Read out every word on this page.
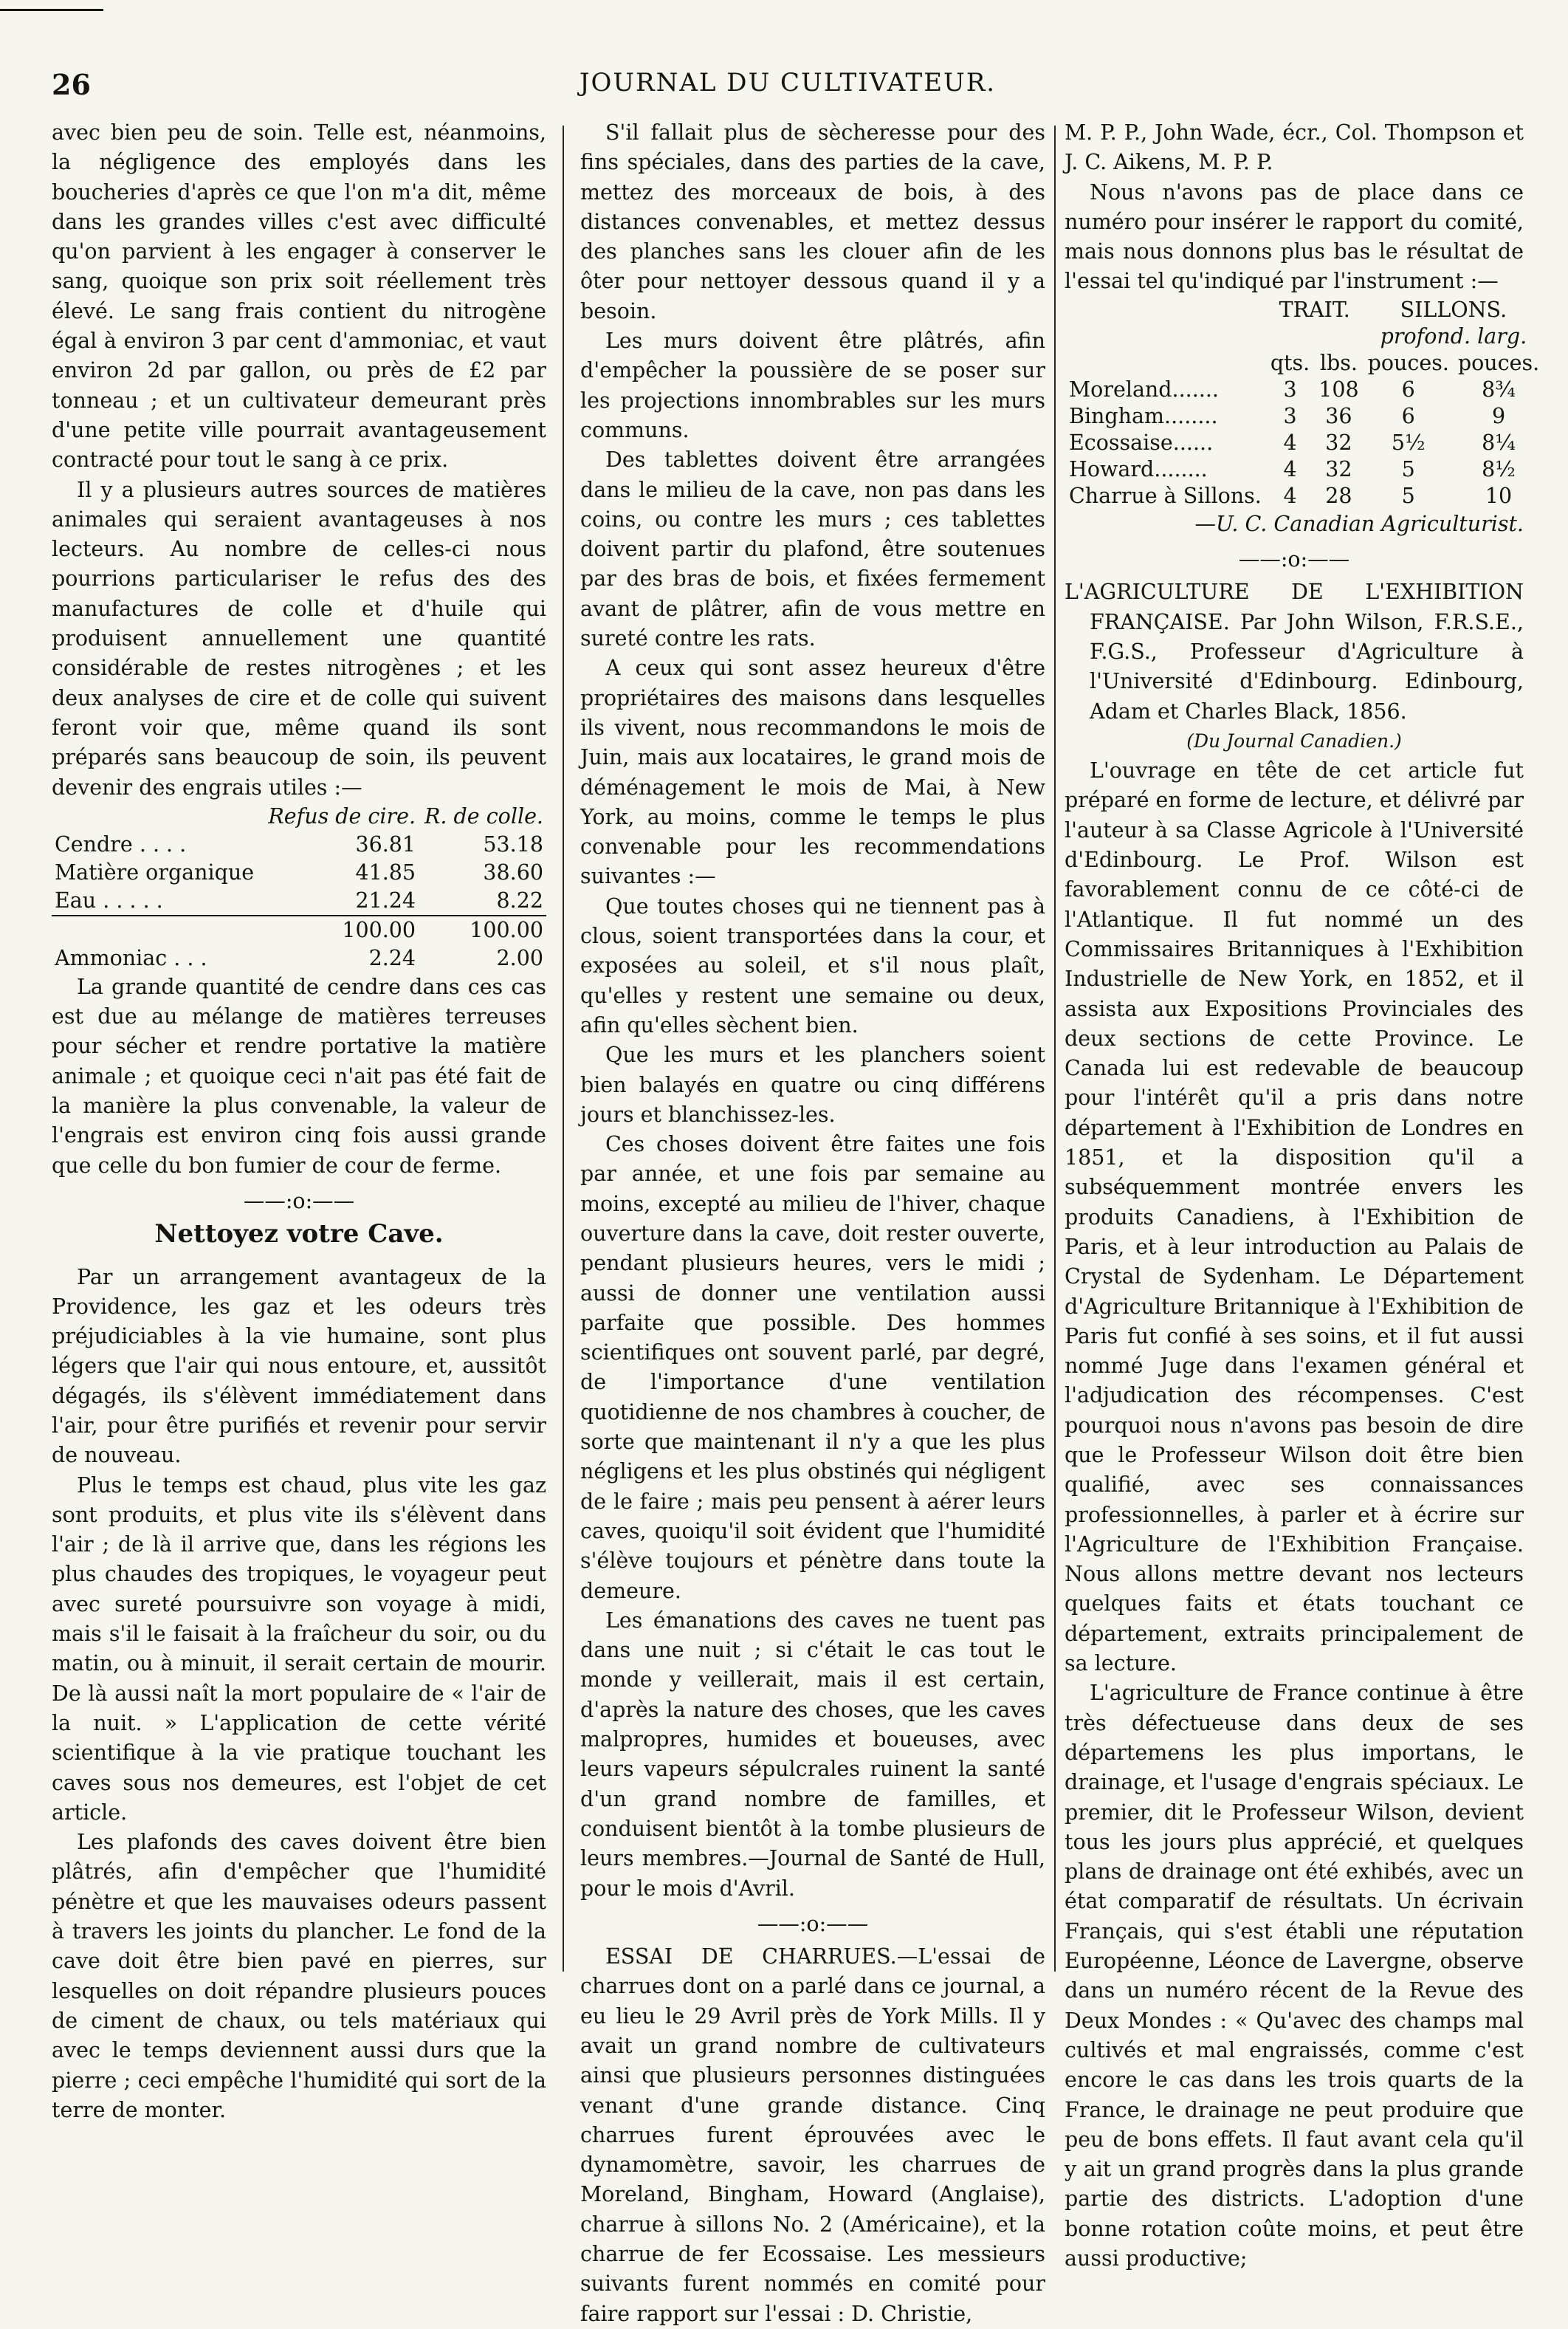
26	JOURNAL DU CULTIVATEUR.

avec bien peu de soin. Telle est, néanmoins, la négligence des employés dans les boucheries d'après ce que l'on m'a dit, même dans les grandes villes c'est avec difficulté qu'on parvient à les engager à conserver le sang, quoique son prix soit réellement très élevé. Le sang frais contient du nitrogène égal à environ 3 par cent d'ammoniac, et vaut environ 2d par gallon, ou près de £2 par tonneau ; et un cultivateur demeurant près d'une petite ville pourrait avantageusement contracté pour tout le sang à ce prix.

Il y a plusieurs autres sources de matières animales qui seraient avantageuses à nos lecteurs. Au nombre de celles-ci nous pourrions particulariser le refus des des manufactures de colle et d'huile qui produisent annuellement une quantité considérable de restes nitrogènes ; et les deux analyses de cire et de colle qui suivent feront voir que, même quand ils sont préparés sans beaucoup de soin, ils peuvent devenir des engrais utiles :—

	Refus de cire.	R. de colle.
Cendre . . . .	36.81	53.18
Matière organique	41.85	38.60
Eau . . . . .	21.24	8.22
	100.00	100.00
Ammoniac . . .	2.24	2.00

La grande quantité de cendre dans ces cas est due au mélange de matières terreuses pour sécher et rendre portative la matière animale ; et quoique ceci n'ait pas été fait de la manière la plus convenable, la valeur de l'engrais est environ cinq fois aussi grande que celle du bon fumier de cour de ferme.

——:o:——
Nettoyez votre Cave.

Par un arrangement avantageux de la Providence, les gaz et les odeurs très préjudiciables à la vie humaine, sont plus légers que l'air qui nous entoure, et, aussitôt dégagés, ils s'élèvent immédiatement dans l'air, pour être purifiés et revenir pour servir de nouveau.

Plus le temps est chaud, plus vite les gaz sont produits, et plus vite ils s'élèvent dans l'air ; de là il arrive que, dans les régions les plus chaudes des tropiques, le voyageur peut avec sureté poursuivre son voyage à midi, mais s'il le faisait à la fraîcheur du soir, ou du matin, ou à minuit, il serait certain de mourir. De là aussi naît la mort populaire de « l'air de la nuit. » L'application de cette vérité scientifique à la vie pratique touchant les caves sous nos demeures, est l'objet de cet article.

Les plafonds des caves doivent être bien plâtrés, afin d'empêcher que l'humidité pénètre et que les mauvaises odeurs passent à travers les joints du plancher. Le fond de la cave doit être bien pavé en pierres, sur lesquelles on doit répandre plusieurs pouces de ciment de chaux, ou tels matériaux qui avec le temps deviennent aussi durs que la pierre ; ceci empêche l'humidité qui sort de la terre de monter.

S'il fallait plus de sècheresse pour des fins spéciales, dans des parties de la cave, mettez des morceaux de bois, à des distances convenables, et mettez dessus des planches sans les clouer afin de les ôter pour nettoyer dessous quand il y a besoin.

Les murs doivent être plâtrés, afin d'empêcher la poussière de se poser sur les projections innombrables sur les murs communs.

Des tablettes doivent être arrangées dans le milieu de la cave, non pas dans les coins, ou contre les murs ; ces tablettes doivent partir du plafond, être soutenues par des bras de bois, et fixées fermement avant de plâtrer, afin de vous mettre en sureté contre les rats.

A ceux qui sont assez heureux d'être propriétaires des maisons dans lesquelles ils vivent, nous recommandons le mois de Juin, mais aux locataires, le grand mois de déménagement le mois de Mai, à New York, au moins, comme le temps le plus convenable pour les recommendations suivantes :—

Que toutes choses qui ne tiennent pas à clous, soient transportées dans la cour, et exposées au soleil, et s'il nous plaît, qu'elles y restent une semaine ou deux, afin qu'elles sèchent bien.

Que les murs et les planchers soient bien balayés en quatre ou cinq différens jours et blanchissez-les.

Ces choses doivent être faites une fois par année, et une fois par semaine au moins, excepté au milieu de l'hiver, chaque ouverture dans la cave, doit rester ouverte, pendant plusieurs heures, vers le midi ; aussi de donner une ventilation aussi parfaite que possible. Des hommes scientifiques ont souvent parlé, par degré, de l'importance d'une ventilation quotidienne de nos chambres à coucher, de sorte que maintenant il n'y a que les plus négligens et les plus obstinés qui négligent de le faire ; mais peu pensent à aérer leurs caves, quoiqu'il soit évident que l'humidité s'élève toujours et pénètre dans toute la demeure.

Les émanations des caves ne tuent pas dans une nuit ; si c'était le cas tout le monde y veillerait, mais il est certain, d'après la nature des choses, que les caves malpropres, humides et boueuses, avec leurs vapeurs sépulcrales ruinent la santé d'un grand nombre de familles, et conduisent bientôt à la tombe plusieurs de leurs membres.—Journal de Santé de Hull, pour le mois d'Avril.

——:o:——

ESSAI DE CHARRUES.—L'essai de charrues dont on a parlé dans ce journal, a eu lieu le 29 Avril près de York Mills. Il y avait un grand nombre de cultivateurs ainsi que plusieurs personnes distinguées venant d'une grande distance. Cinq charrues furent éprouvées avec le dynamomètre, savoir, les charrues de Moreland, Bingham, Howard (Anglaise), charrue à sillons No. 2 (Américaine), et la charrue de fer Ecossaise. Les messieurs suivants furent nommés en comité pour faire rapport sur l'essai : D. Christie,

M. P. P., John Wade, écr., Col. Thompson et J. C. Aikens, M. P. P.

Nous n'avons pas de place dans ce numéro pour insérer le rapport du comité, mais nous donnons plus bas le résultat de l'essai tel qu'indiqué par l'instrument :—

	TRAIT.		SILLONS.	
			profond. larg.	
	qts.	lbs.	pouces.	pouces.
Moreland.......	3	108	6	8¾
Bingham........	3	36	6	9
Ecossaise......	4	32	5½	8¼
Howard........	4	32	5	8½
Charrue à Sillons.	4	28	5	10
—U. C. Canadian Agriculturist.
——:o:——

L'AGRICULTURE DE L'EXHIBITION FRANÇAISE. Par John Wilson, F.R.S.E., F.G.S., Professeur d'Agriculture à l'Université d'Edinbourg. Edinbourg, Adam et Charles Black, 1856.

(Du Journal Canadien.)

L'ouvrage en tête de cet article fut préparé en forme de lecture, et délivré par l'auteur à sa Classe Agricole à l'Université d'Edinbourg. Le Prof. Wilson est favorablement connu de ce côté-ci de l'Atlantique. Il fut nommé un des Commissaires Britanniques à l'Exhibition Industrielle de New York, en 1852, et il assista aux Expositions Provinciales des deux sections de cette Province. Le Canada lui est redevable de beaucoup pour l'intérêt qu'il a pris dans notre département à l'Exhibition de Londres en 1851, et la disposition qu'il a subséquemment montrée envers les produits Canadiens, à l'Exhibition de Paris, et à leur introduction au Palais de Crystal de Sydenham. Le Département d'Agriculture Britannique à l'Exhibition de Paris fut confié à ses soins, et il fut aussi nommé Juge dans l'examen général et l'adjudication des récompenses. C'est pourquoi nous n'avons pas besoin de dire que le Professeur Wilson doit être bien qualifié, avec ses connaissances professionnelles, à parler et à écrire sur l'Agriculture de l'Exhibition Française. Nous allons mettre devant nos lecteurs quelques faits et états touchant ce département, extraits principalement de sa lecture.

L'agriculture de France continue à être très défectueuse dans deux de ses départemens les plus importans, le drainage, et l'usage d'engrais spéciaux. Le premier, dit le Professeur Wilson, devient tous les jours plus apprécié, et quelques plans de drainage ont été exhibés, avec un état comparatif de résultats. Un écrivain Français, qui s'est établi une réputation Européenne, Léonce de Lavergne, observe dans un numéro récent de la Revue des Deux Mondes : « Qu'avec des champs mal cultivés et mal engraissés, comme c'est encore le cas dans les trois quarts de la France, le drainage ne peut produire que peu de bons effets. Il faut avant cela qu'il y ait un grand progrès dans la plus grande partie des districts. L'adoption d'une bonne rotation coûte moins, et peut être aussi productive;
